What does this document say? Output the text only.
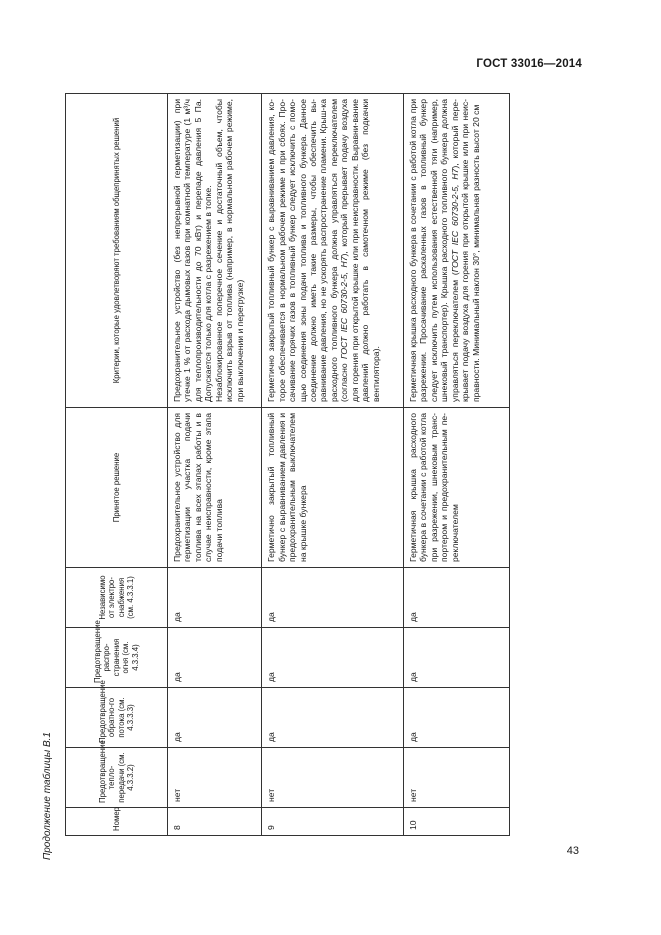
ГОСТ 33016—2014
Продолжение таблицы В.1	Номер	Предотвращение тепло-передачи (см. 4.3.3.2)	Предотвращение обратно-го потока (см. 4.3.3.3)	Предотвращение распро-странения огня (см. 4.3.3.4)	Независимо от электро-снабжения (см. 4.3.3.1)	Принятое решение	Критерии, которые удовлетворяют требованиям общепринятых решений

8	нет	да	да	да	Предохранительное устройство для герметизации участка подачи топлива на всех этапах работы и в случае неисправности, кроме этапа подачи топлива	Предохранительное устройство (без непрерывной герметизации) при утечке 1 % от расхода дымовых газов при комнатной температуре (1 м³/ч для теплопроизводительности до 70 кВт) и перепаде давления 5 Па. Допускается только для котла с разрежением в топке. Незаблокированное поперечное сечение и достаточный объем, чтобы исключить взрыв от топлива (например, в нормальном рабочем режиме, при выключении и перегрузке)

9	нет	да	да	да	Герметично закрытый топливный бункер с выравниванием давления и предохранительным выключателем на крышке бункера	Герметично закрытый топливный бункер с выравниванием давления, ко-торое обеспечивается в нормальном рабочем режиме и при сбоях. Про-сачивание горячих газов в топливный бункер следует исключить с помо-щью соединения зоны подачи топлива и топливного бункера. Данное соединение должно иметь такие размеры, чтобы обеспечить вы-равнивание давления, но не ускорять распространение пламени. Крыш-ка расходного топливного бункера должна управляться переключателем (согласно ГОСТ IEC 60730-2-5, H7), который прерывает подачу воздуха для горения при открытой крышке или при неисправности. Выравни-вание давлений должно работать в самотечном режиме (без подкачки вентилятора).

10	нет	да	да	да	Герметичная крышка расходного бункера в сочетании с работой котла при разрежении, шнековым транс-портером и предохранительным пе-реключателем	Герметичная крышка расходного бункера в сочетании с работой котла при разрежении. Просачивание раскаленных газов в топливный бункер следует исключить путем использования естественной тяги (например, шнековый транспортер). Крышка расходного топливного бункера должна управляться переключателем (ГОСТ IEC 60730-2-5, H7), который пере-крывает подачу воздуха для горения при открытой крышке или при неис-правности. Минимальный наклон 30°, минимальная разность высот 20 см

43
